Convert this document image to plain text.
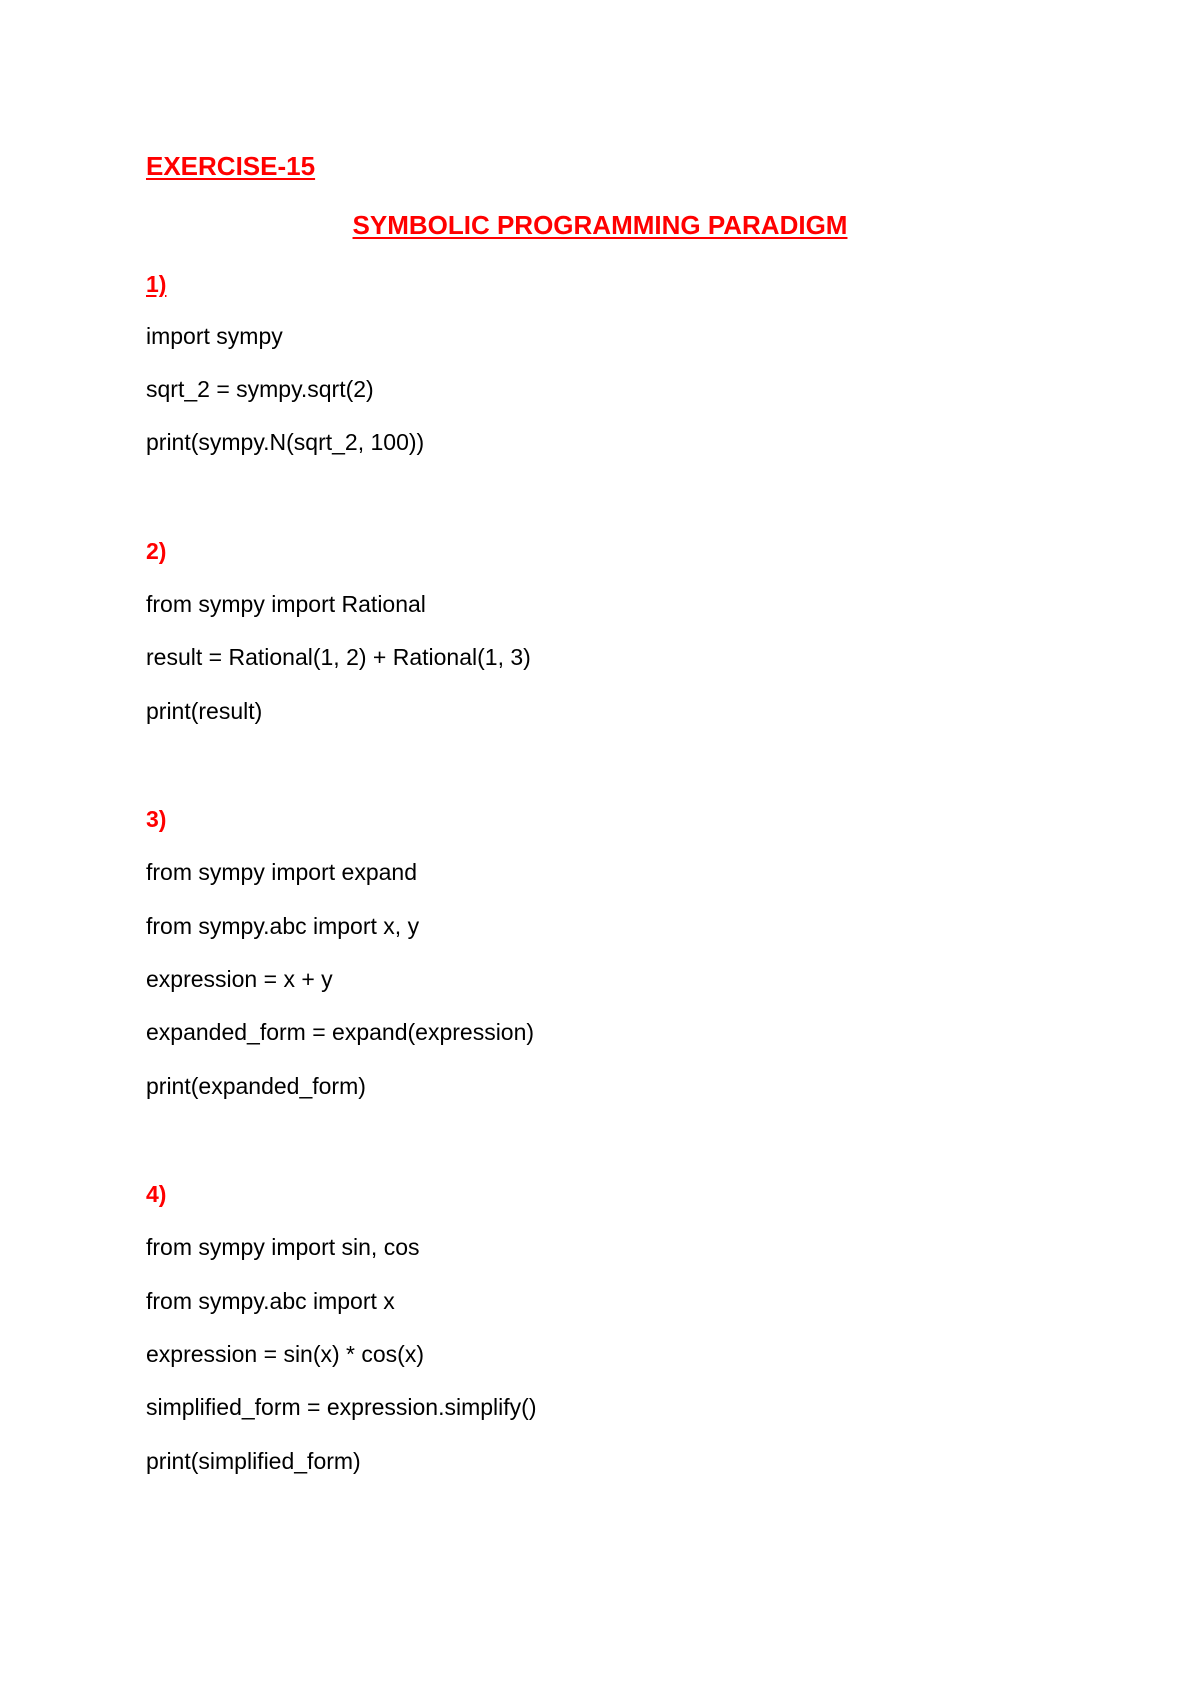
EXERCISE-15
SYMBOLIC PROGRAMMING PARADIGM
1)
import sympy
sqrt_2 = sympy.sqrt(2)
print(sympy.N(sqrt_2, 100))
2)
from sympy import Rational
result = Rational(1, 2) + Rational(1, 3)
print(result)
3)
from sympy import expand
from sympy.abc import x, y
expression = x + y
expanded_form = expand(expression)
print(expanded_form)
4)
from sympy import sin, cos
from sympy.abc import x
expression = sin(x) * cos(x)
simplified_form = expression.simplify()
print(simplified_form)
